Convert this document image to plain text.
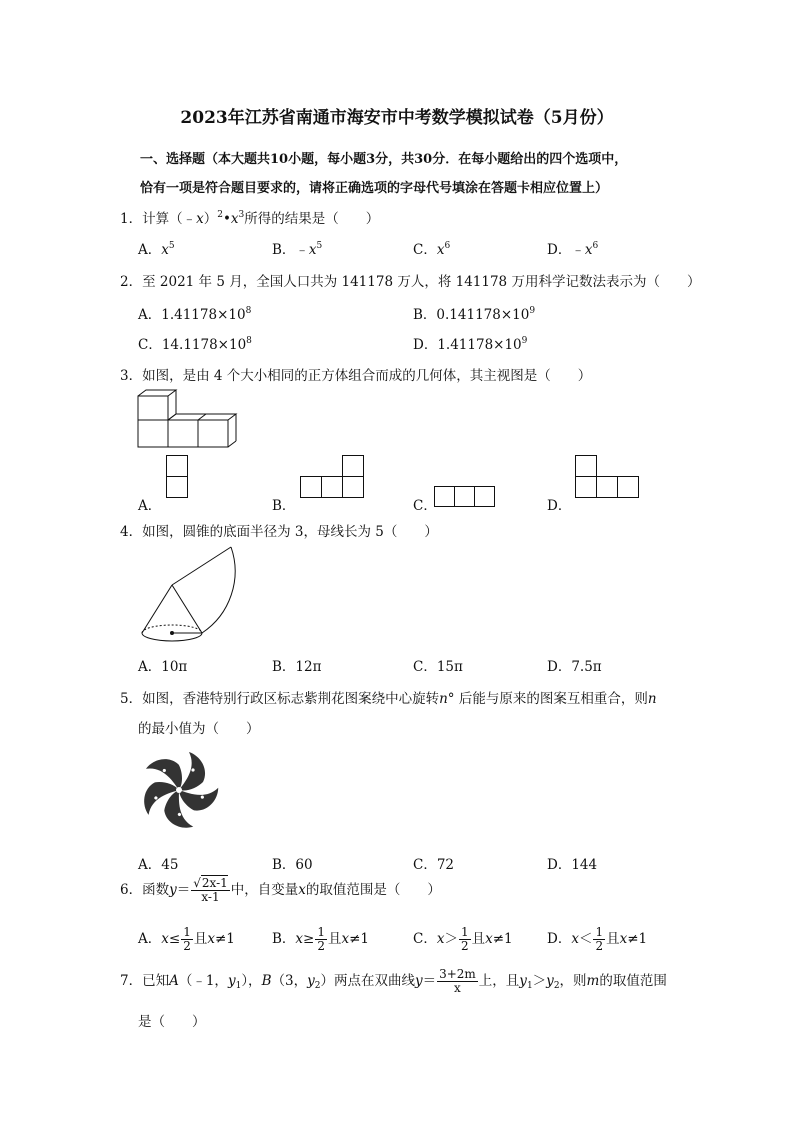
2023年江苏省南通市海安市中考数学模拟试卷（5月份）
一、选择题（本大题共10小题，每小题3分，共30分．在每小题给出的四个选项中，
恰有一项是符合题目要求的，请将正确选项的字母代号填涂在答题卡相应位置上）
1．计算$(﹣x)^2•x^3$所得的结果是（　　）
A．$x^5$	B．$﹣x^5$	C．$x^6$	D．$﹣x^6$
2．至 2021 年 5 月，全国人口共为 141178 万人，将 141178 万用科学记数法表示为（　　）
A．$1.41178\times 10^8$	B．$0.141178\times 10^9$
C．$14.1178\times 10^8$	D．$1.41178\times 10^9$
3．如图，是由 4 个大小相同的正方体组合而成的几何体，其主视图是（　　）
A．	B．	C．	D．
4．如图，圆锥的底面半径为 3，母线长为 5（　　）
A．10π	B．12π	C．15π	D．7.5π
5．如图，香港特别行政区标志紫荆花图案绕中心旋转n° 后能与原来的图案互相重合，则n
的最小值为（　　）
A．45	B．60	C．72	D．144
6．函数$y= \frac{√2x-1}{x-1}$ 中，自变量x的取值范围是（　　）
A．$x\le \frac{1}{2}$ 且x≠1	B．$x\ge \frac{1}{2}$ 且x≠1	C．$x> \frac{1}{2}$ 且x≠1	D．$x< \frac{1}{2}$ 且x≠1
7．已知A（﹣1，$y_1$），B（3，$y_2$）两点在双曲线$y= \frac{3+2m}{x}$ 上，且$y_1>y_2$，则m的取值范围
是（　　）
